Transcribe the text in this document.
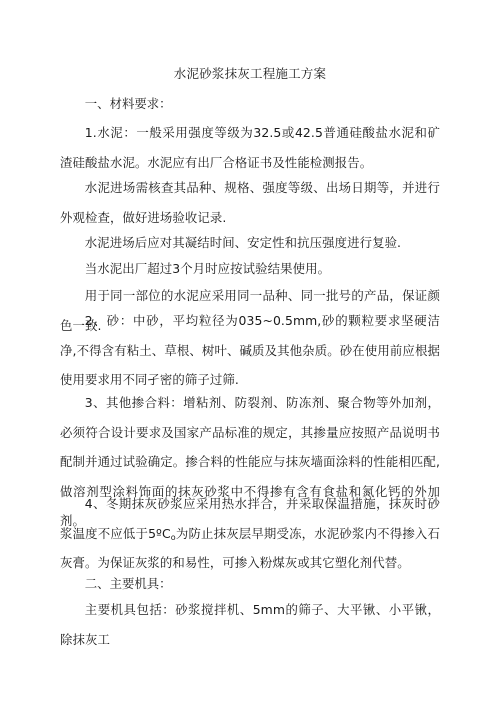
水泥砂浆抹灰工程施工方案

一、材料要求：

1.水泥：一般采用强度等级为32.5或42.5普通硅酸盐水泥和矿渣硅酸盐水泥。水泥应有出厂合格证书及性能检测报告。

水泥进场需核查其品种、规格、强度等级、出场日期等，并进行外观检查，做好进场验收记录.

水泥进场后应对其凝结时间、安定性和抗压强度进行复验.

当水泥出厂超过3个月时应按试验结果使用。

用于同一部位的水泥应采用同一品种、同一批号的产品，保证颜色一致.

2、砂：中砂，平均粒径为035~0.5mm,砂的颗粒要求坚硬洁净,不得含有粘土、草根、树叶、碱质及其他杂质。砂在使用前应根据使用要求用不同孑密的筛子过筛.

3、其他掺合料：增粘剂、防裂剂、防冻剂、聚合物等外加剂，必须符合设计要求及国家产品标准的规定，其掺量应按照产品说明书配制并通过试验确定。掺合料的性能应与抹灰墙面涂料的性能相匹配,做溶剂型涂料饰面的抹灰砂浆中不得掺有含有食盐和氮化钙的外加剂。

4、冬期抹灰砂浆应采用热水拌合，并采取保温措施，抹灰时砂浆温度不应低于5ºC$_o$为防止抹灰层早期受冻，水泥砂浆内不得掺入石灰膏。为保证灰浆的和易性，可掺入粉煤灰或其它塑化剂代替。

二、主要机具：

主要机具包括：砂浆搅拌机、5mm的筛子、大平锹、小平锹，除抹灰工
